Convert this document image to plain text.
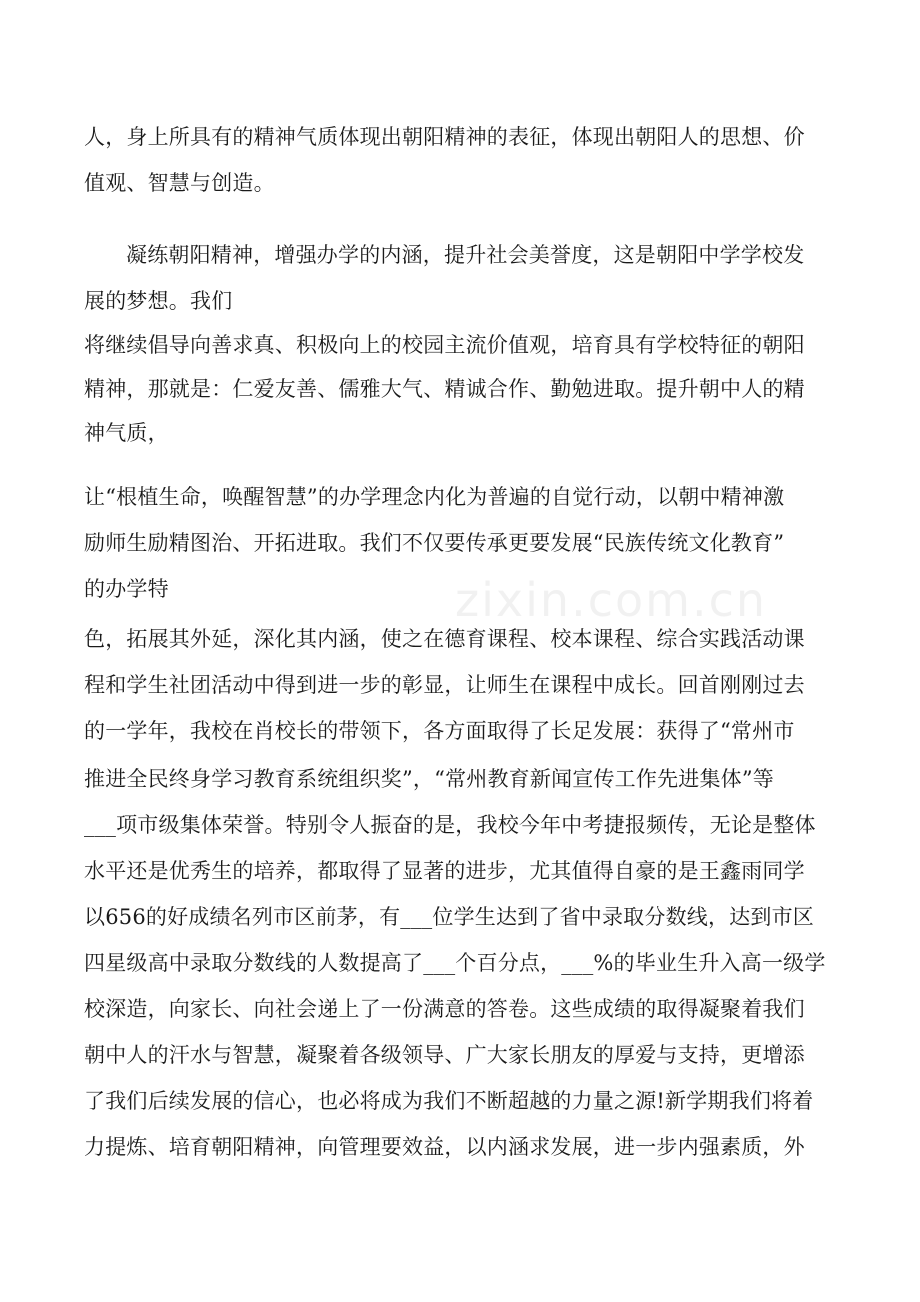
人，身上所具有的精神气质体现出朝阳精神的表征，体现出朝阳人的思想、价
值观、智慧与创造。
凝练朝阳精神，增强办学的内涵，提升社会美誉度，这是朝阳中学学校发
展的梦想。我们
将继续倡导向善求真、积极向上的校园主流价值观，培育具有学校特征的朝阳
精神，那就是：仁爱友善、儒雅大气、精诚合作、勤勉进取。提升朝中人的精
神气质，
让“根植生命，唤醒智慧”的办学理念内化为普遍的自觉行动，以朝中精神激
励师生励精图治、开拓进取。我们不仅要传承更要发展“民族传统文化教育”
的办学特
色，拓展其外延，深化其内涵，使之在德育课程、校本课程、综合实践活动课
程和学生社团活动中得到进一步的彰显，让师生在课程中成长。回首刚刚过去
的一学年，我校在肖校长的带领下，各方面取得了长足发展：获得了“常州市
推进全民终身学习教育系统组织奖”，“常州教育新闻宣传工作先进集体”等
___项市级集体荣誉。特别令人振奋的是，我校今年中考捷报频传，无论是整体
水平还是优秀生的培养，都取得了显著的进步，尤其值得自豪的是王鑫雨同学
以656的好成绩名列市区前茅，有___位学生达到了省中录取分数线，达到市区
四星级高中录取分数线的人数提高了___个百分点，___%的毕业生升入高一级学
校深造，向家长、向社会递上了一份满意的答卷。这些成绩的取得凝聚着我们
朝中人的汗水与智慧，凝聚着各级领导、广大家长朋友的厚爱与支持，更增添
了我们后续发展的信心，也必将成为我们不断超越的力量之源!新学期我们将着
力提炼、培育朝阳精神，向管理要效益，以内涵求发展，进一步内强素质，外
zixin.com.cn
